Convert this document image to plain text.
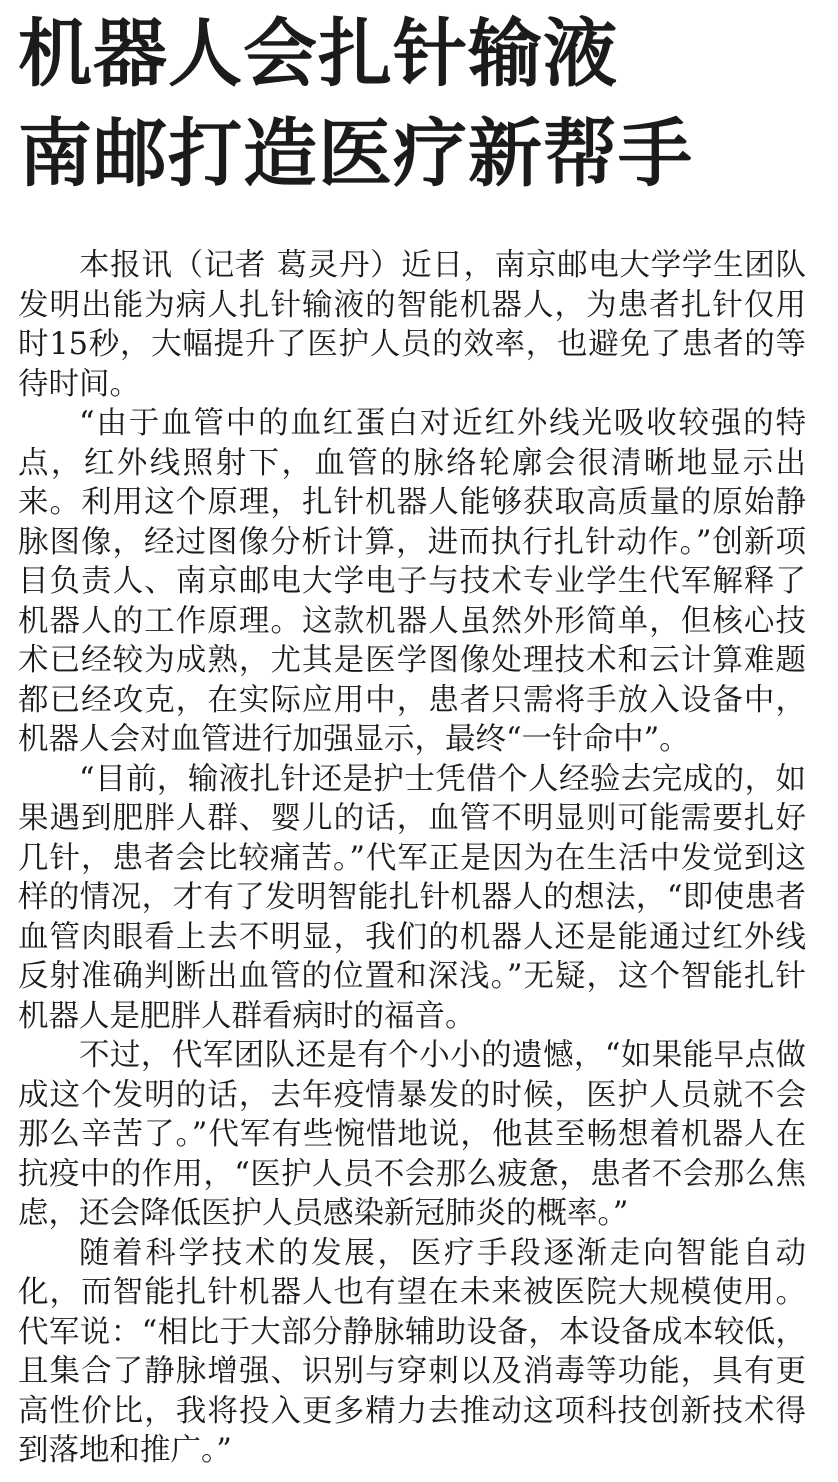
机器人会扎针输液
南邮打造医疗新帮手

本报讯（记者 葛灵丹）近日，南京邮电大学学生团队发明出能为病人扎针输液的智能机器人，为患者扎针仅用时15秒，大幅提升了医护人员的效率，也避免了患者的等待时间。

“由于血管中的血红蛋白对近红外线光吸收较强的特点，红外线照射下，血管的脉络轮廓会很清晰地显示出来。利用这个原理，扎针机器人能够获取高质量的原始静脉图像，经过图像分析计算，进而执行扎针动作。”创新项目负责人、南京邮电大学电子与技术专业学生代军解释了机器人的工作原理。这款机器人虽然外形简单，但核心技术已经较为成熟，尤其是医学图像处理技术和云计算难题都已经攻克，在实际应用中，患者只需将手放入设备中，机器人会对血管进行加强显示，最终“一针命中”。

“目前，输液扎针还是护士凭借个人经验去完成的，如果遇到肥胖人群、婴儿的话，血管不明显则可能需要扎好几针，患者会比较痛苦。”代军正是因为在生活中发觉到这样的情况，才有了发明智能扎针机器人的想法，“即使患者血管肉眼看上去不明显，我们的机器人还是能通过红外线反射准确判断出血管的位置和深浅。”无疑，这个智能扎针机器人是肥胖人群看病时的福音。

不过，代军团队还是有个小小的遗憾，“如果能早点做成这个发明的话，去年疫情暴发的时候，医护人员就不会那么辛苦了。”代军有些惋惜地说，他甚至畅想着机器人在抗疫中的作用，“医护人员不会那么疲惫，患者不会那么焦虑，还会降低医护人员感染新冠肺炎的概率。”

随着科学技术的发展，医疗手段逐渐走向智能自动化，而智能扎针机器人也有望在未来被医院大规模使用。代军说：“相比于大部分静脉辅助设备，本设备成本较低，且集合了静脉增强、识别与穿刺以及消毒等功能，具有更高性价比，我将投入更多精力去推动这项科技创新技术得到落地和推广。”
